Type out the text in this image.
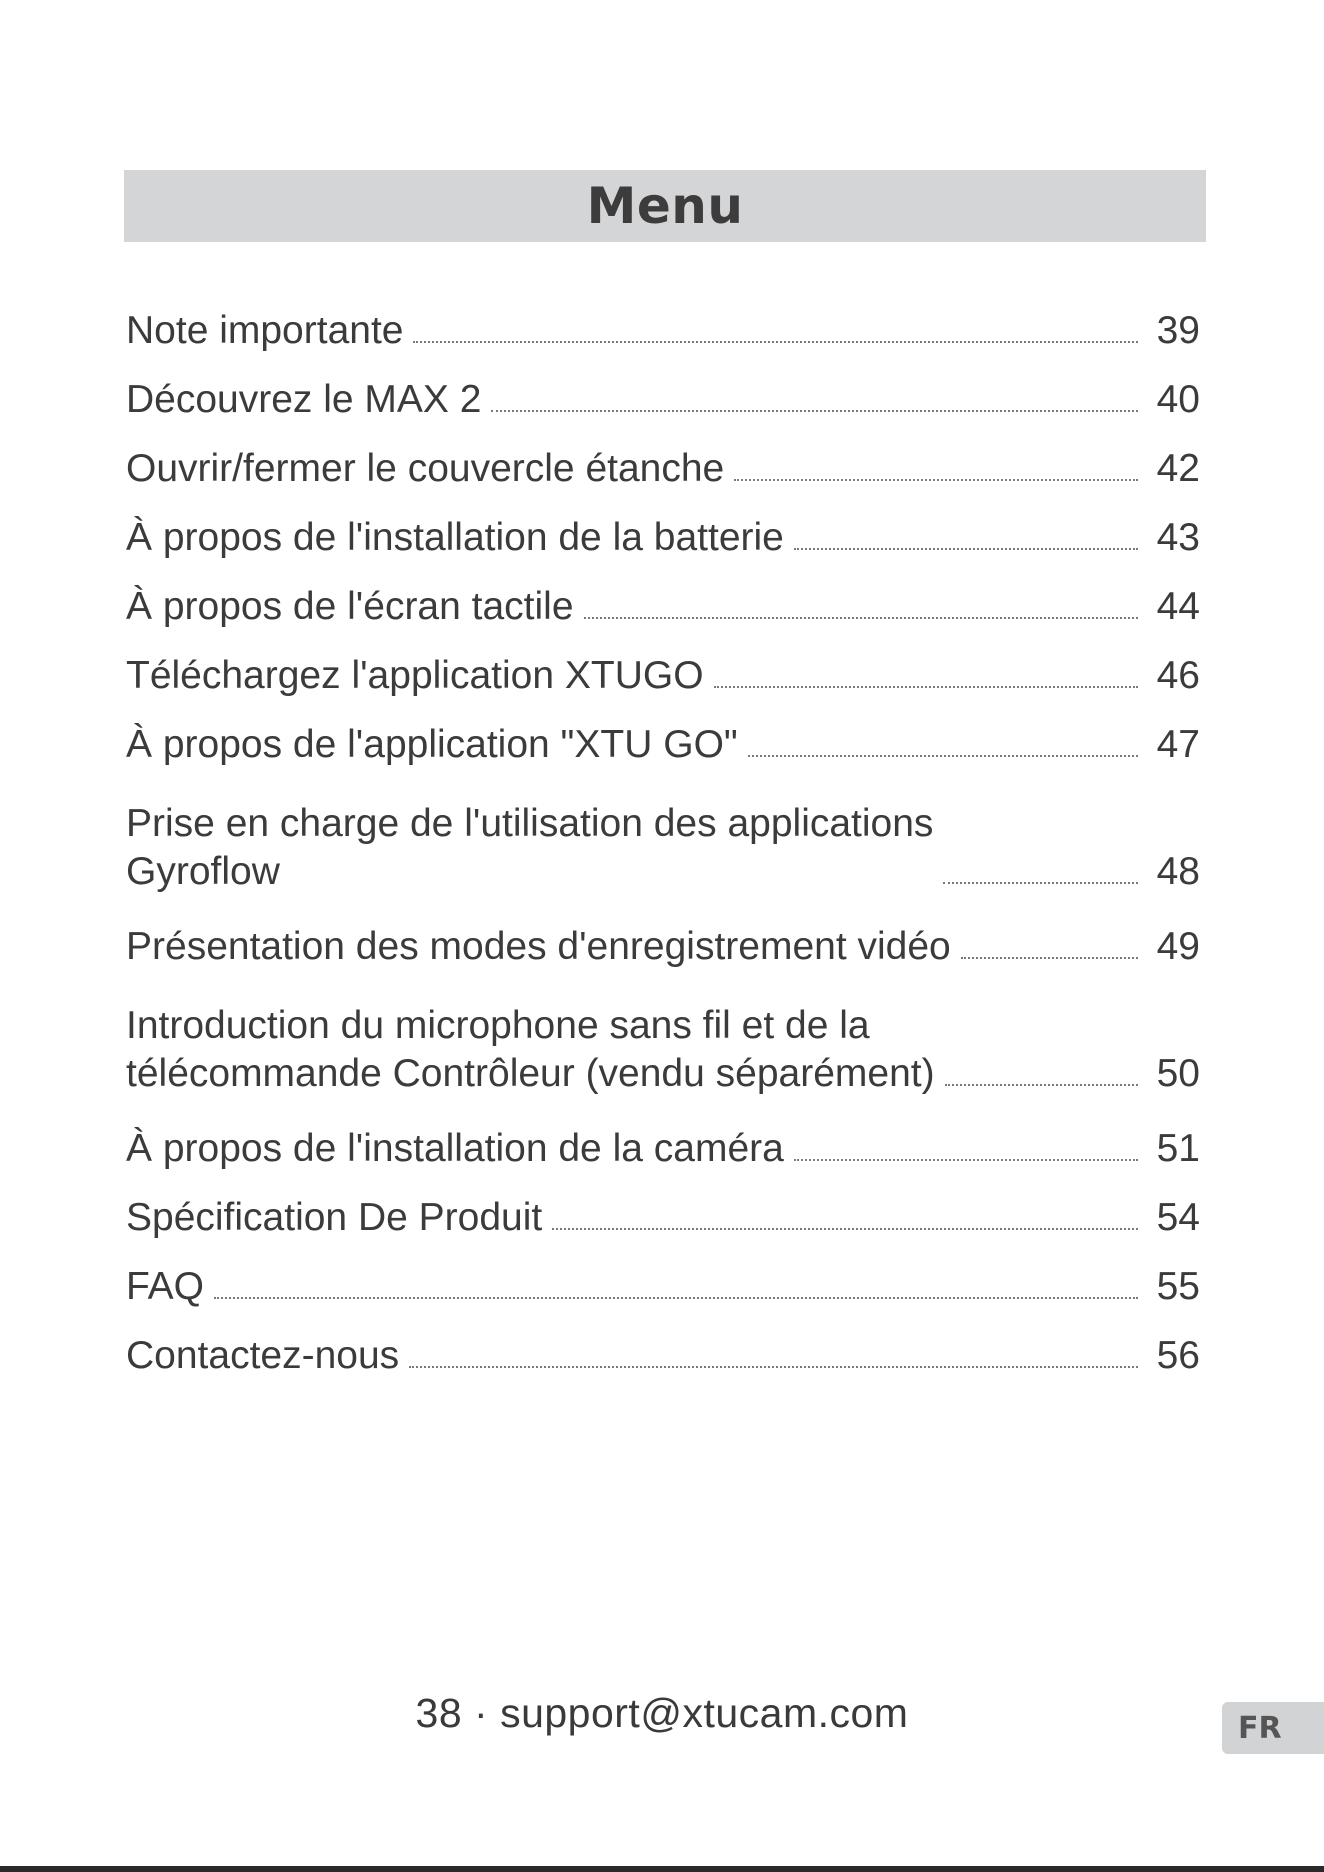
Menu
Note importante	39
Découvrez le MAX 2	40
Ouvrir/fermer le couvercle étanche	42
À propos de l'installation de la batterie	43
À propos de l'écran tactile	44
Téléchargez l'application XTUGO	46
À propos de l'application "XTU GO"	47
Prise en charge de l'utilisation des applications
Gyroflow	48
Présentation des modes d'enregistrement vidéo	49
Introduction du microphone sans fil et de la
télécommande Contrôleur (vendu séparément)	50
À propos de l'installation de la caméra	51
Spécification De Produit	54
FAQ	55
Contactez-nous	56
38 · support@xtucam.com	FR
